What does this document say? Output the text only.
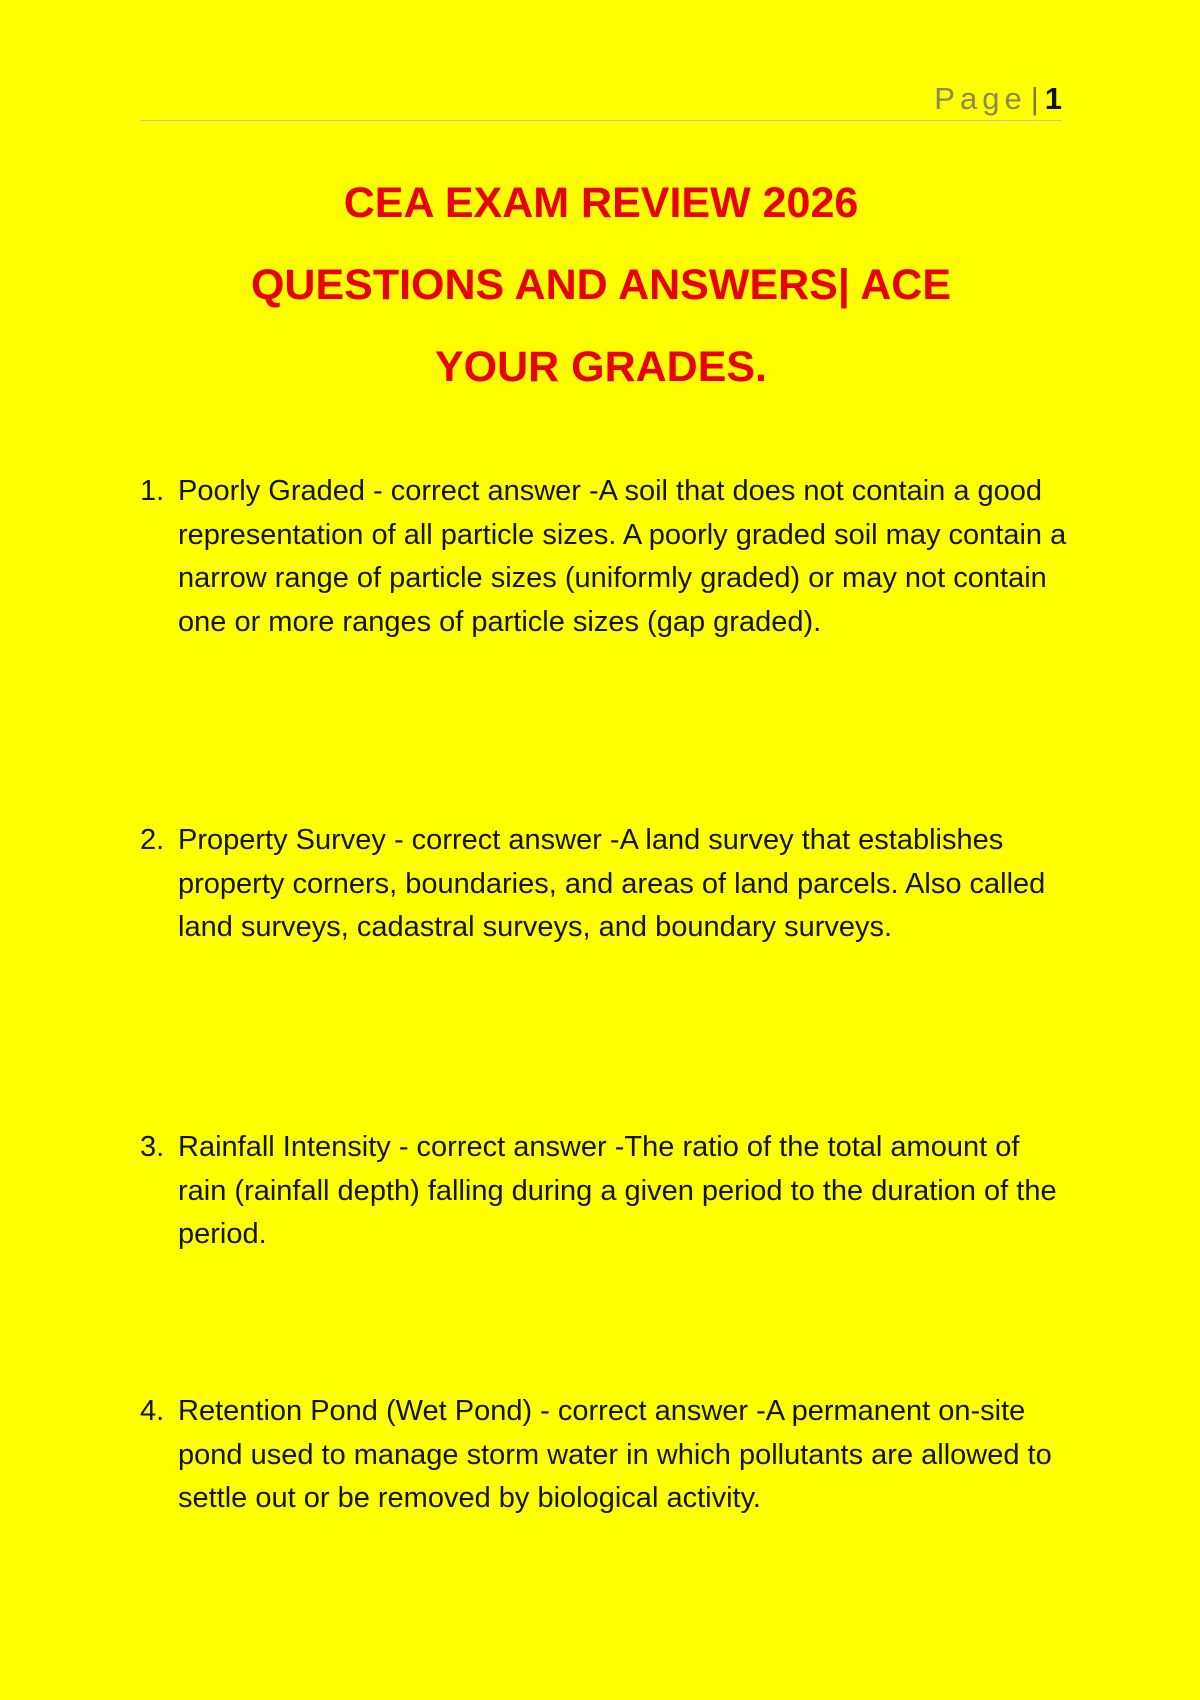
Page | 1
CEA EXAM REVIEW 2026
QUESTIONS AND ANSWERS| ACE
YOUR GRADES.
1. Poorly Graded - correct answer -A soil that does not contain a good representation of all particle sizes. A poorly graded soil may contain a narrow range of particle sizes (uniformly graded) or may not contain one or more ranges of particle sizes (gap graded).
2. Property Survey - correct answer -A land survey that establishes property corners, boundaries, and areas of land parcels. Also called land surveys, cadastral surveys, and boundary surveys.
3. Rainfall Intensity - correct answer -The ratio of the total amount of rain (rainfall depth) falling during a given period to the duration of the period.
4. Retention Pond (Wet Pond) - correct answer -A permanent on-site pond used to manage storm water in which pollutants are allowed to settle out or be removed by biological activity.
